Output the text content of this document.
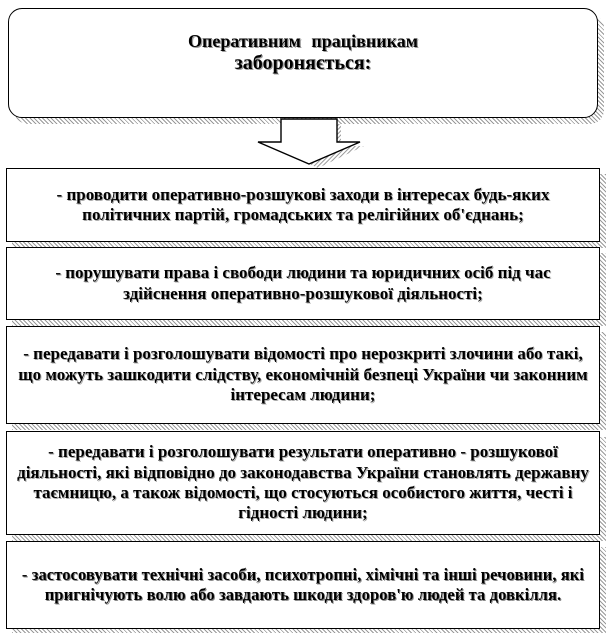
Оперативним працівникам
забороняється:
- проводити оперативно-розшукові заходи в інтересах будь-яких політичних партій, громадських та релігійних об'єднань;
- порушувати права і свободи людини та юридичних осіб під час здійснення оперативно-розшукової діяльності;
- передавати і розголошувати відомості про нерозкриті злочини або такі, що можуть зашкодити слідству, економічній безпеці України чи законним інтересам людини;
- передавати і розголошувати результати оперативно - розшукової діяльності, які відповідно до законодавства України становлять державну таємницю, а також відомості, що стосуються особистого життя, честі і гідності людини;
- застосовувати технічні засоби, психотропні, хімічні та інші речовини, які пригнічують волю або завдають шкоди здоров'ю людей та довкілля.
